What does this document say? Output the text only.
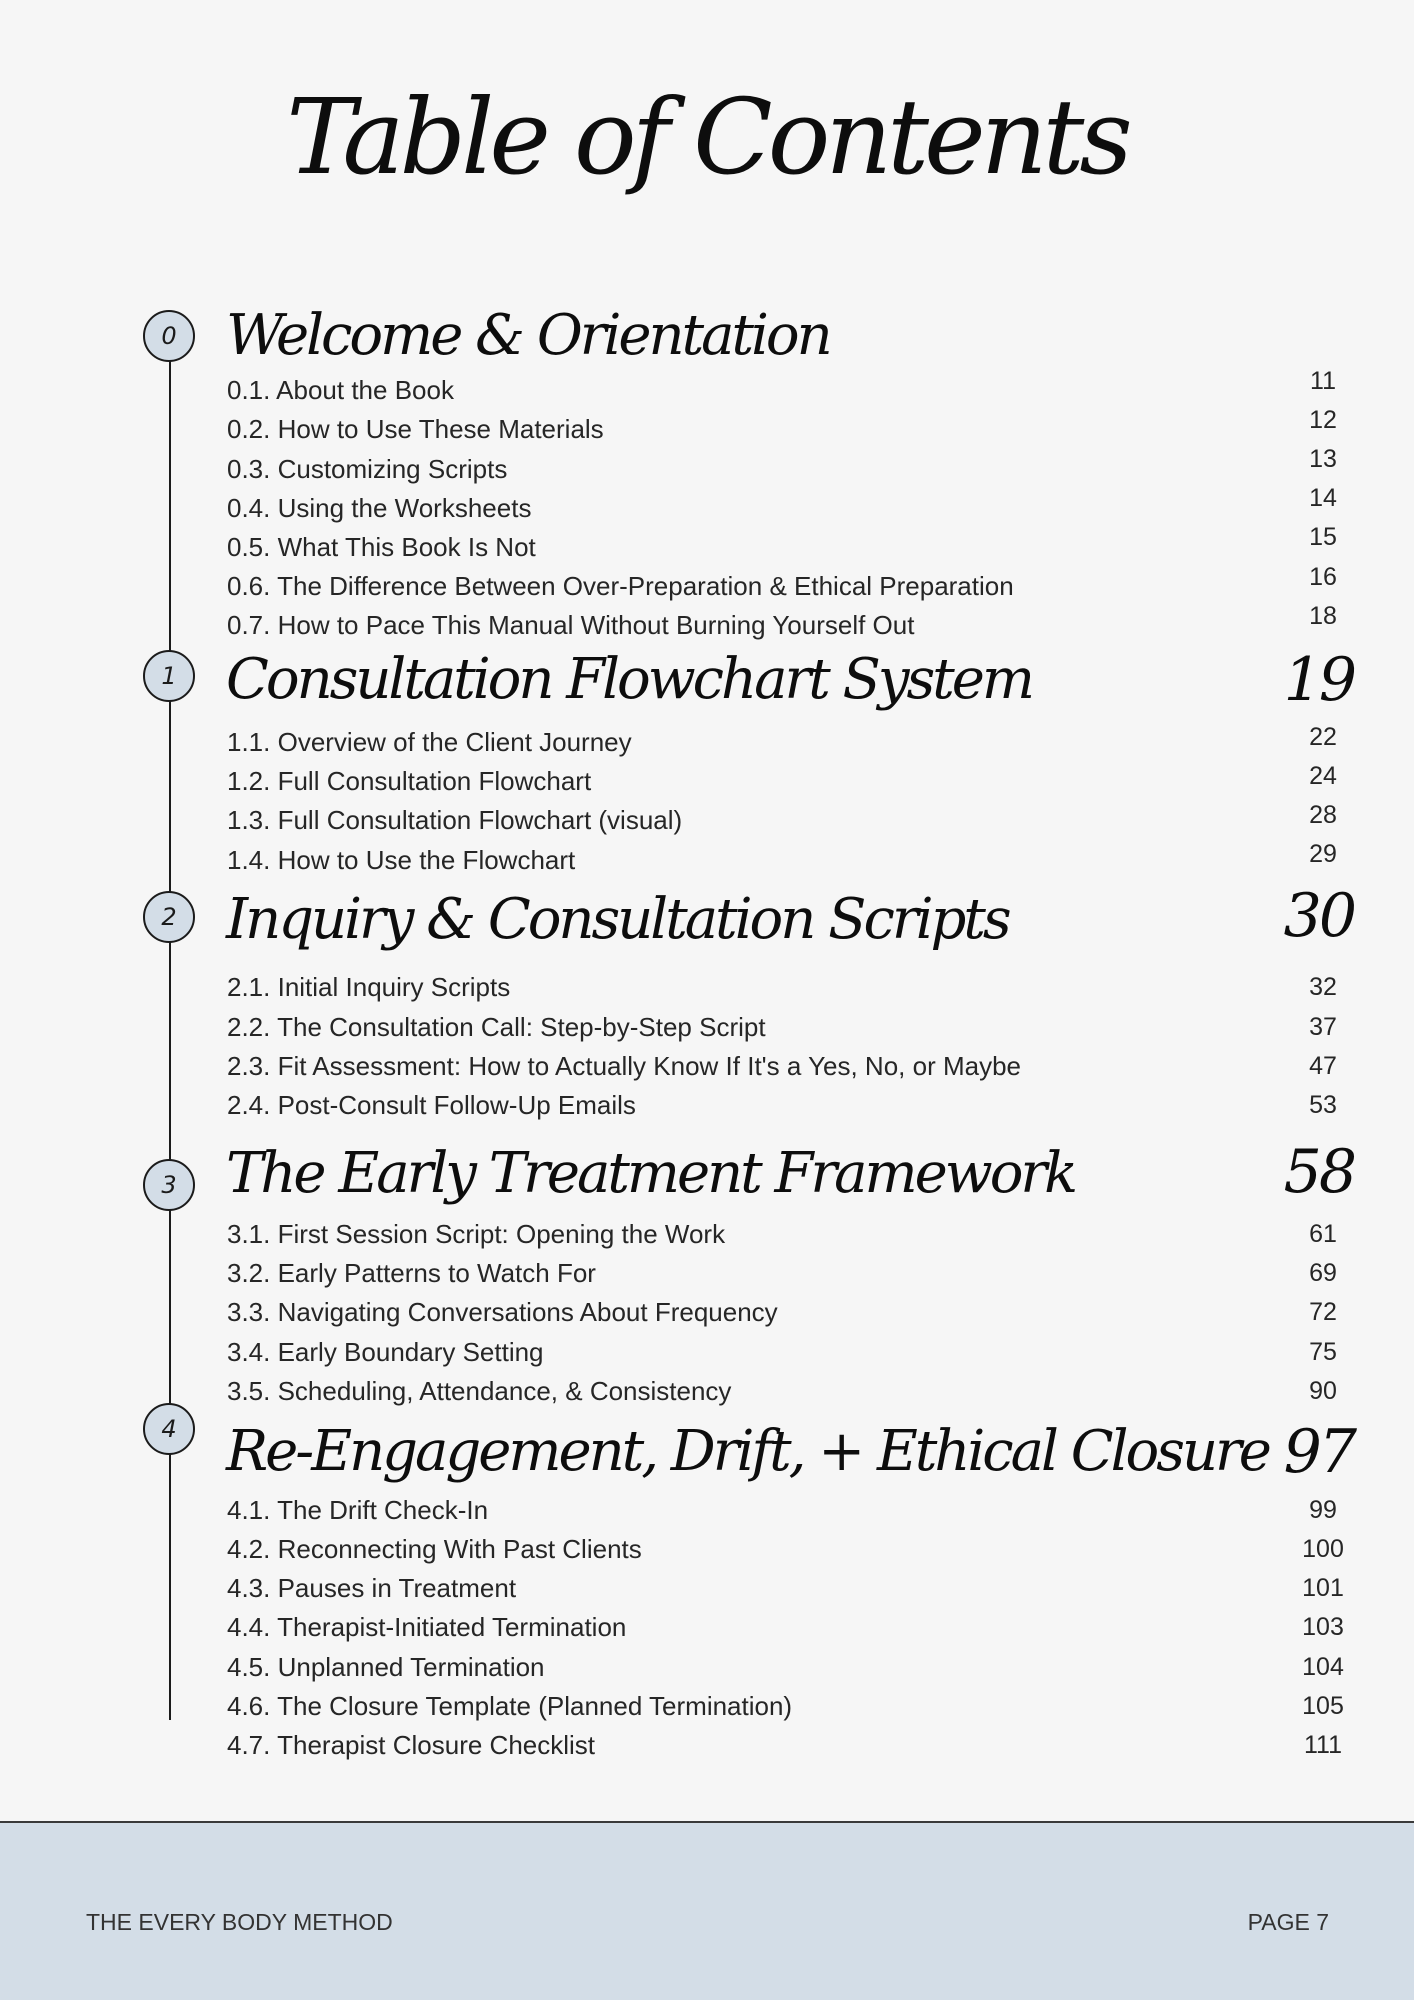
Table of Contents
0 Welcome & Orientation
0.1. About the Book	11
0.2. How to Use These Materials	12
0.3. Customizing Scripts	13
0.4. Using the Worksheets	14
0.5. What This Book Is Not	15
0.6. The Difference Between Over-Preparation & Ethical Preparation	16
0.7. How to Pace This Manual Without Burning Yourself Out	18
1 Consultation Flowchart System	19
1.1. Overview of the Client Journey	22
1.2. Full Consultation Flowchart	24
1.3. Full Consultation Flowchart (visual)	28
1.4. How to Use the Flowchart	29
2 Inquiry & Consultation Scripts	30
2.1. Initial Inquiry Scripts	32
2.2. The Consultation Call: Step-by-Step Script	37
2.3. Fit Assessment: How to Actually Know If It's a Yes, No, or Maybe	47
2.4. Post-Consult Follow-Up Emails	53
3 The Early Treatment Framework	58
3.1. First Session Script: Opening the Work	61
3.2. Early Patterns to Watch For	69
3.3. Navigating Conversations About Frequency	72
3.4. Early Boundary Setting	75
3.5. Scheduling, Attendance, & Consistency	90
4 Re-Engagement, Drift, + Ethical Closure 97
4.1. The Drift Check-In	99
4.2. Reconnecting With Past Clients	100
4.3. Pauses in Treatment	101
4.4. Therapist-Initiated Termination	103
4.5. Unplanned Termination	104
4.6. The Closure Template (Planned Termination)	105
4.7. Therapist Closure Checklist	111
THE EVERY BODY METHOD	PAGE 7
